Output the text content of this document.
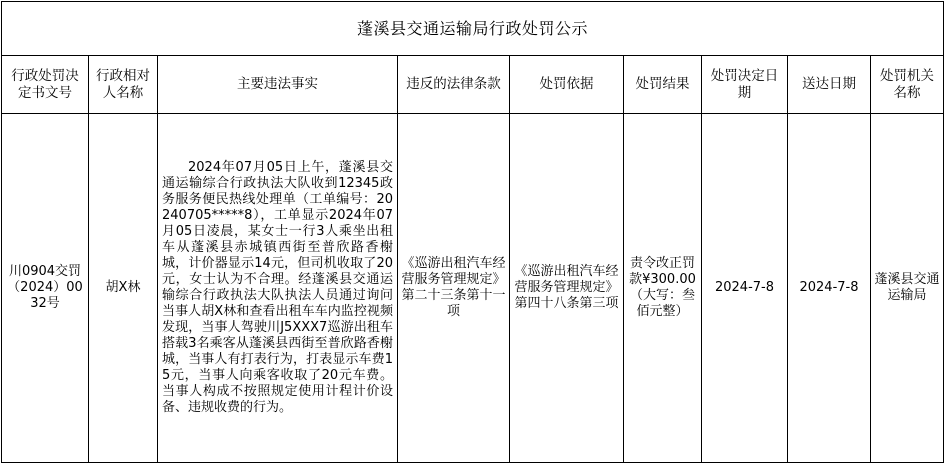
蓬溪县交通运输局行政处罚公示								
行政处罚决定书文号	行政相对人名称	主要违法事实	违反的法律条款	处罚依据	处罚结果	处罚决定日期	送达日期	处罚机关名称
川0904交罚（2024）0032号	胡X林	2024年07月05日上午，蓬溪县交通运输综合行政执法大队收到12345政务服务便民热线处理单（工单编号：20240705*****8），工单显示2024年07月05日凌晨，某女士一行3人乘坐出租车从蓬溪县赤城镇西街至普欣路香榭城，计价器显示14元，但司机收取了20元，女士认为不合理。经蓬溪县交通运输综合行政执法大队执法人员通过询问当事人胡X林和查看出租车车内监控视频发现，当事人驾驶川J5XXX7巡游出租车搭载3名乘客从蓬溪县西街至普欣路香榭城，当事人有打表行为，打表显示车费15元，当事人向乘客收取了20元车费。当事人构成不按照规定使用计程计价设备、违规收费的行为。	《巡游出租汽车经营服务管理规定》第二十三条第十一项	《巡游出租汽车经营服务管理规定》第四十八条第三项	责令改正罚款¥300.00（大写：叁佰元整）	2024-7-8	2024-7-8	蓬溪县交通运输局
